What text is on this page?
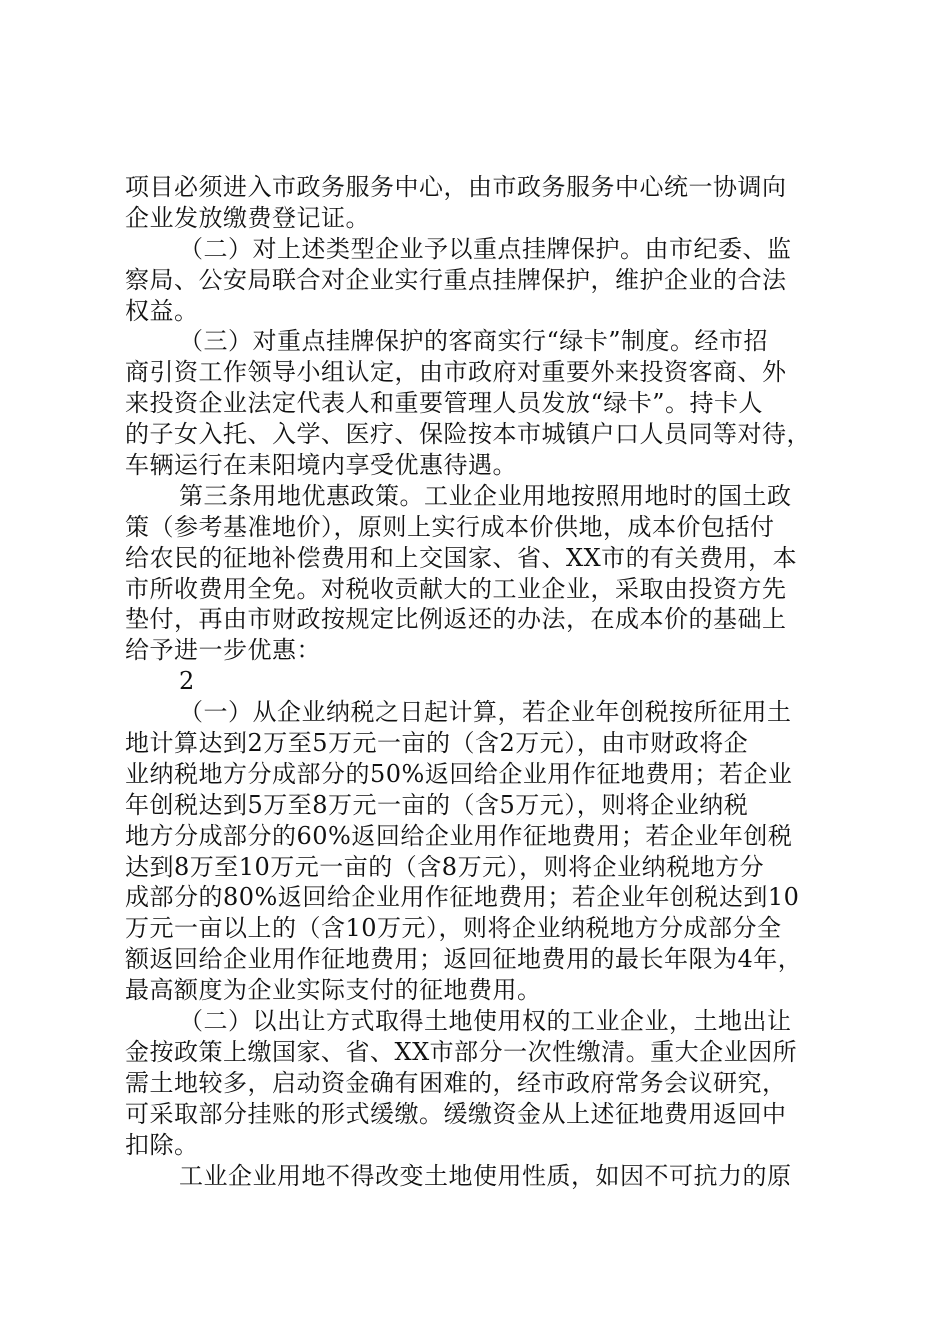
项目必须进入市政务服务中心，由市政务服务中心统一协调向
企业发放缴费登记证。
（二）对上述类型企业予以重点挂牌保护。由市纪委、监
察局、公安局联合对企业实行重点挂牌保护，维护企业的合法
权益。
（三）对重点挂牌保护的客商实行“绿卡”制度。经市招
商引资工作领导小组认定，由市政府对重要外来投资客商、外
来投资企业法定代表人和重要管理人员发放“绿卡”。持卡人
的子女入托、入学、医疗、保险按本市城镇户口人员同等对待，
车辆运行在耒阳境内享受优惠待遇。
第三条用地优惠政策。工业企业用地按照用地时的国土政
策（参考基准地价），原则上实行成本价供地，成本价包括付
给农民的征地补偿费用和上交国家、省、XX市的有关费用，本
市所收费用全免。对税收贡献大的工业企业，采取由投资方先
垫付，再由市财政按规定比例返还的办法，在成本价的基础上
给予进一步优惠：
2
（一）从企业纳税之日起计算，若企业年创税按所征用土
地计算达到2万至5万元一亩的（含2万元），由市财政将企
业纳税地方分成部分的50%返回给企业用作征地费用；若企业
年创税达到5万至8万元一亩的（含5万元），则将企业纳税
地方分成部分的60%返回给企业用作征地费用；若企业年创税
达到8万至10万元一亩的（含8万元），则将企业纳税地方分
成部分的80%返回给企业用作征地费用；若企业年创税达到10
万元一亩以上的（含10万元），则将企业纳税地方分成部分全
额返回给企业用作征地费用；返回征地费用的最长年限为4年，
最高额度为企业实际支付的征地费用。
（二）以出让方式取得土地使用权的工业企业，土地出让
金按政策上缴国家、省、XX市部分一次性缴清。重大企业因所
需土地较多，启动资金确有困难的，经市政府常务会议研究，
可采取部分挂账的形式缓缴。缓缴资金从上述征地费用返回中
扣除。
工业企业用地不得改变土地使用性质，如因不可抗力的原
